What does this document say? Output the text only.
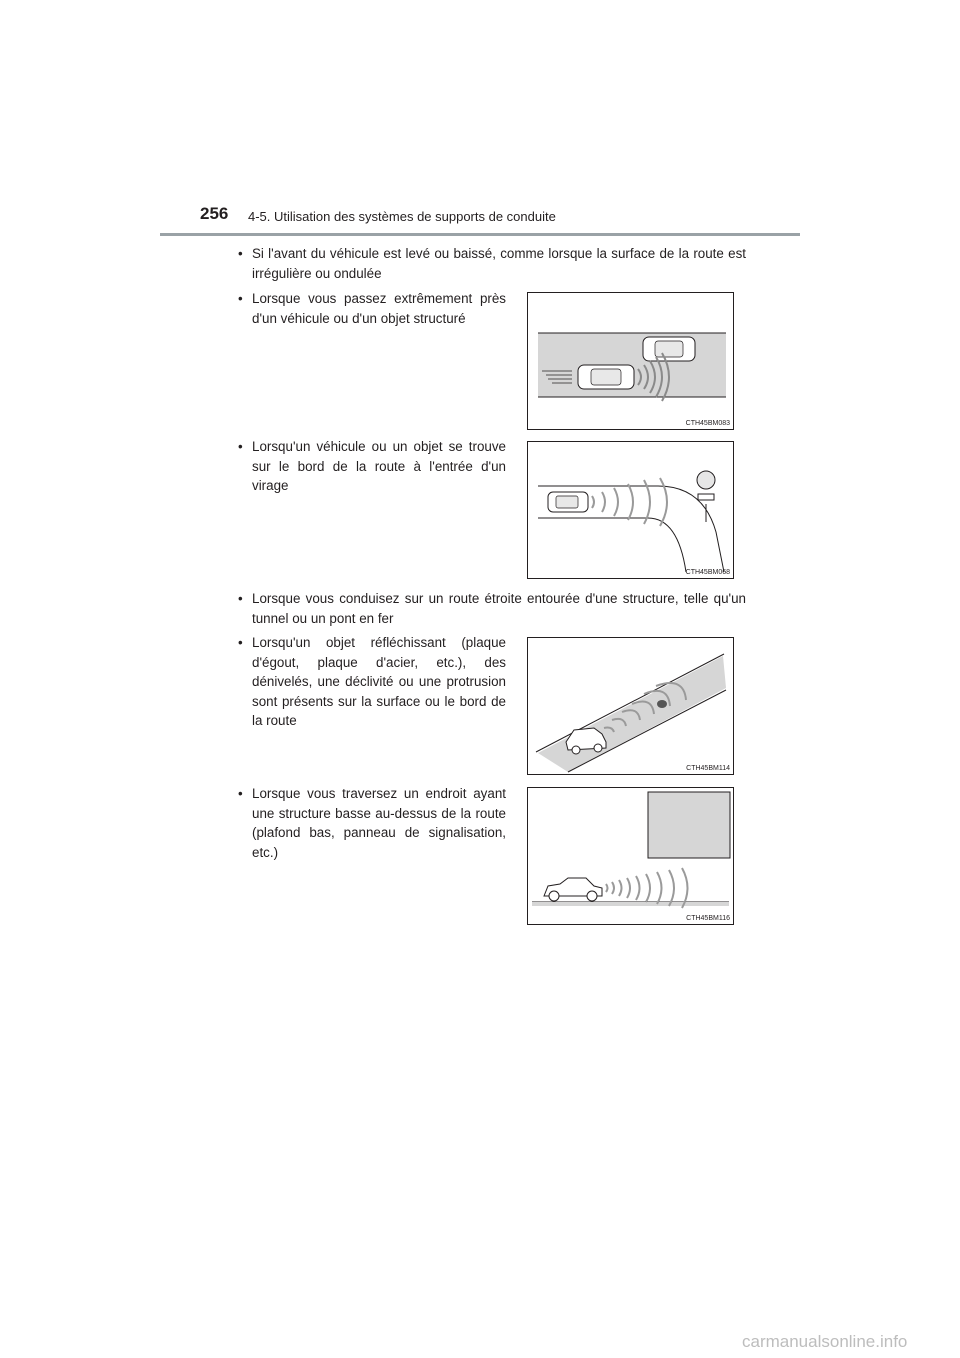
256 4-5. Utilisation des systèmes de supports de conduite
• Si l'avant du véhicule est levé ou baissé, comme lorsque la surface de la route est irrégulière ou ondulée
• Lorsque vous passez extrêmement près d'un véhicule ou d'un objet structuré
CTH45BM083
• Lorsqu'un véhicule ou un objet se trouve sur le bord de la route à l'entrée d'un virage
CTH45BM068
• Lorsque vous conduisez sur un route étroite entourée d'une structure, telle qu'un tunnel ou un pont en fer
• Lorsqu'un objet réfléchissant (plaque d'égout, plaque d'acier, etc.), des dénivelés, une déclivité ou une protrusion sont présents sur la surface ou le bord de la route
CTH45BM114
• Lorsque vous traversez un endroit ayant une structure basse au-dessus de la route (plafond bas, panneau de signalisation, etc.)
CTH45BM116
carmanualsonline.info
